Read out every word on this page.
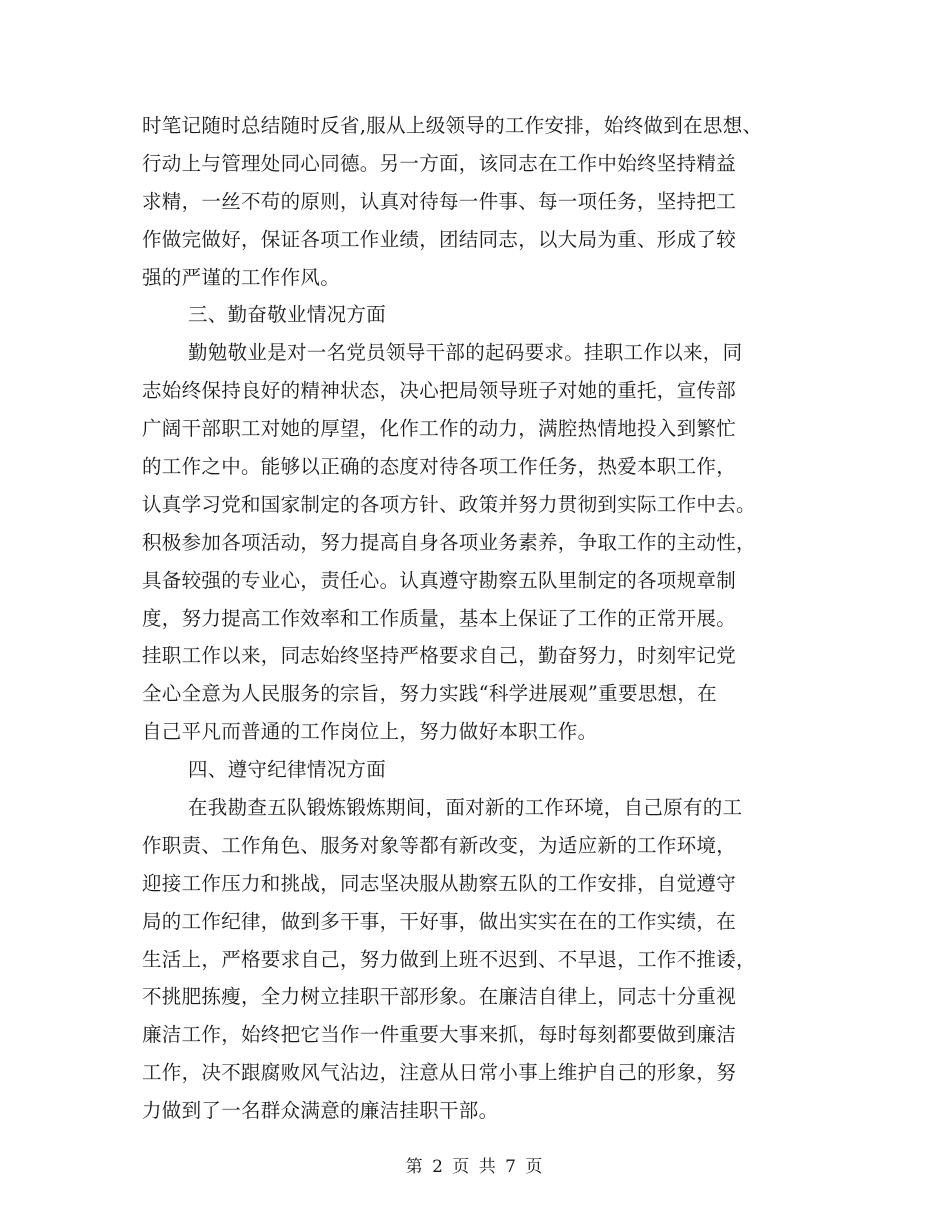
时笔记随时总结随时反省,服从上级领导的工作安排，始终做到在思想、
行动上与管理处同心同德。另一方面，该同志在工作中始终坚持精益
求精，一丝不苟的原则，认真对待每一件事、每一项任务，坚持把工
作做完做好，保证各项工作业绩，团结同志，以大局为重、形成了较
强的严谨的工作作风。
三、勤奋敬业情况方面
勤勉敬业是对一名党员领导干部的起码要求。挂职工作以来，同
志始终保持良好的精神状态，决心把局领导班子对她的重托，宣传部
广阔干部职工对她的厚望，化作工作的动力，满腔热情地投入到繁忙
的工作之中。能够以正确的态度对待各项工作任务，热爱本职工作，
认真学习党和国家制定的各项方针、政策并努力贯彻到实际工作中去。
积极参加各项活动，努力提高自身各项业务素养，争取工作的主动性，
具备较强的专业心，责任心。认真遵守勘察五队里制定的各项规章制
度，努力提高工作效率和工作质量，基本上保证了工作的正常开展。
挂职工作以来，同志始终坚持严格要求自己，勤奋努力，时刻牢记党
全心全意为人民服务的宗旨，努力实践“科学进展观”重要思想，在
自己平凡而普通的工作岗位上，努力做好本职工作。
四、遵守纪律情况方面
在我勘查五队锻炼锻炼期间，面对新的工作环境，自己原有的工
作职责、工作角色、服务对象等都有新改变，为适应新的工作环境，
迎接工作压力和挑战，同志坚决服从勘察五队的工作安排，自觉遵守
局的工作纪律，做到多干事，干好事，做出实实在在的工作实绩，在
生活上，严格要求自己，努力做到上班不迟到、不早退，工作不推诿，
不挑肥拣瘦，全力树立挂职干部形象。在廉洁自律上，同志十分重视
廉洁工作，始终把它当作一件重要大事来抓，每时每刻都要做到廉洁
工作，决不跟腐败风气沾边，注意从日常小事上维护自己的形象，努
力做到了一名群众满意的廉洁挂职干部。
第 2 页 共 7 页
